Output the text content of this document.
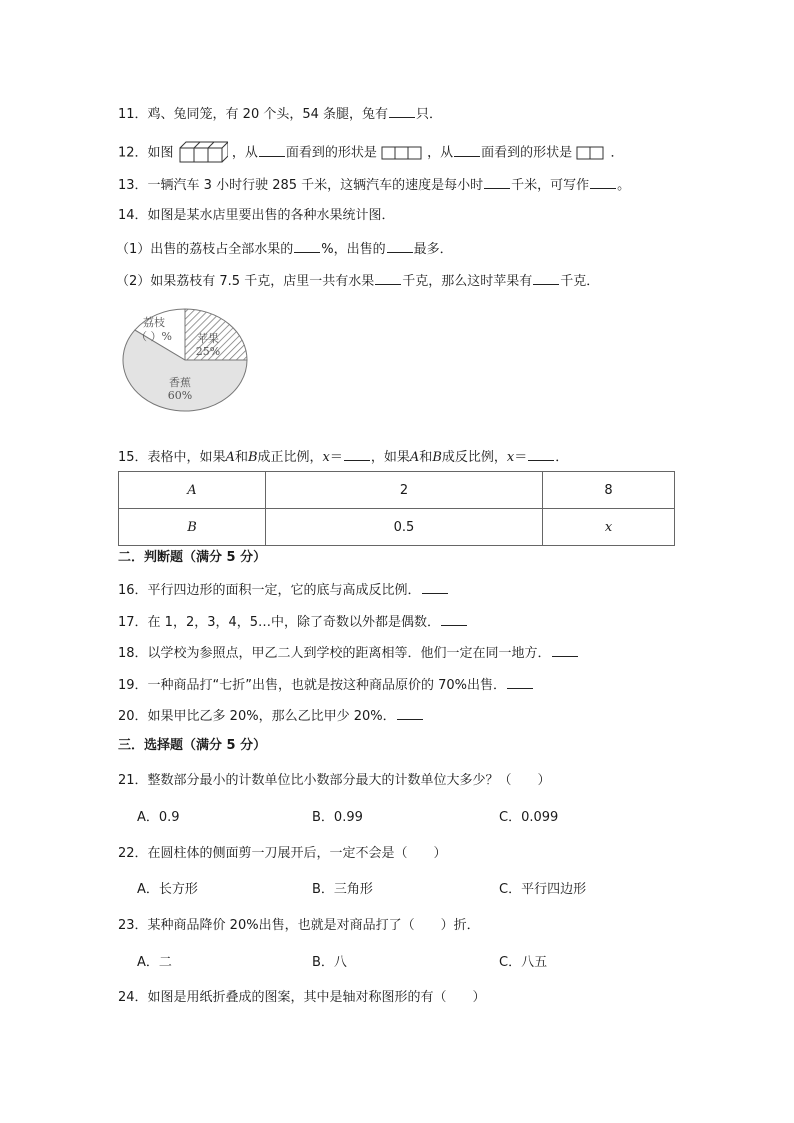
11．鸡、兔同笼，有 20 个头，54 条腿，兔有 只．
12．如图	，从 面看到的形状是	，从 面看到的形状是	．
13．一辆汽车 3 小时行驶 285 千米，这辆汽车的速度是每小时 千米，可写作 。
14．如图是某水店里要出售的各种水果统计图．
（1）出售的荔枝占全部水果的 %，出售的 最多．
（2）如果荔枝有 7.5 千克，店里一共有水果 千克，那么这时苹果有 千克．
荔枝
（ ）% 苹果
25%
香蕉
60%
15．表格中，如果A和B成正比例，x＝ ，如果A和B成反比例，x＝ ．
A	2	8
B	0.5	x
二．判断题（满分 5 分）
16．平行四边形的面积一定，它的底与高成反比例．
17．在 1，2，3，4，5…中，除了奇数以外都是偶数．
18．以学校为参照点，甲乙二人到学校的距离相等．他们一定在同一地方．
19．一种商品打“七折”出售，也就是按这种商品原价的 70%出售．
20．如果甲比乙多 20%，那么乙比甲少 20%．
三．选择题（满分 5 分）
21．整数部分最小的计数单位比小数部分最大的计数单位大多少？（　　）
A．0.9	B．0.99	C．0.099
22．在圆柱体的侧面剪一刀展开后，一定不会是（　　）
A．长方形	B．三角形	C．平行四边形
23．某种商品降价 20%出售，也就是对商品打了（　　）折．
A．二	B．八	C．八五
24．如图是用纸折叠成的图案，其中是轴对称图形的有（　　）
